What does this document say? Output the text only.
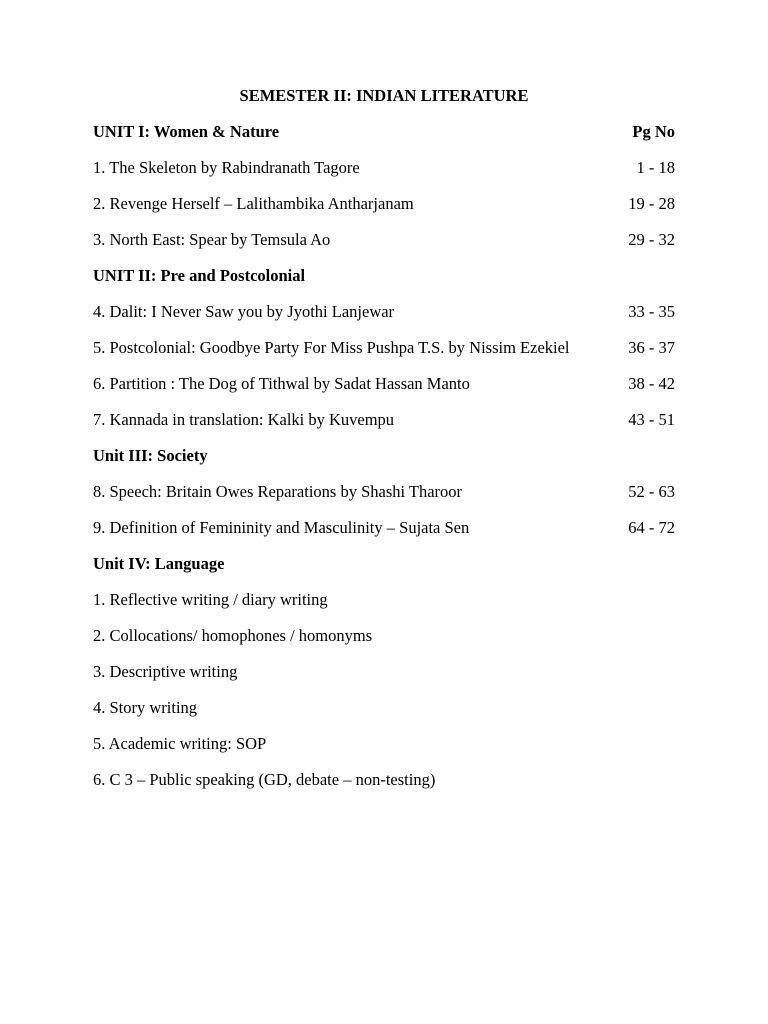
SEMESTER II: INDIAN LITERATURE
UNIT I: Women & Nature	Pg No
1. The Skeleton by Rabindranath Tagore	1 - 18
2. Revenge Herself – Lalithambika Antharjanam	19 - 28
3. North East: Spear by Temsula Ao	29 - 32
UNIT II: Pre and Postcolonial
4. Dalit: I Never Saw you by Jyothi Lanjewar	33 - 35
5. Postcolonial: Goodbye Party For Miss Pushpa T.S. by Nissim Ezekiel	36 - 37
6. Partition : The Dog of Tithwal by Sadat Hassan Manto	38 - 42
7. Kannada in translation: Kalki by Kuvempu	43 - 51
Unit III: Society
8. Speech: Britain Owes Reparations by Shashi Tharoor	52 - 63
9. Definition of Femininity and Masculinity – Sujata Sen	64 - 72
Unit IV: Language
1. Reflective writing / diary writing
2. Collocations/ homophones / homonyms
3. Descriptive writing
4. Story writing
5. Academic writing: SOP
6. C 3 – Public speaking (GD, debate – non-testing)
